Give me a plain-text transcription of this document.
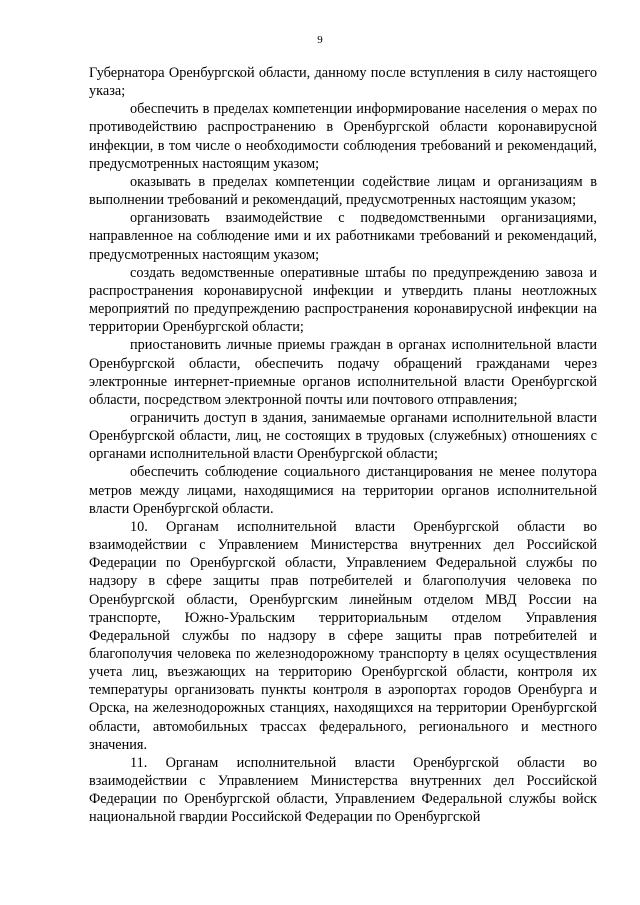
9

Губернатора Оренбургской области, данному после вступления в силу настоящего указа;

обеспечить в пределах компетенции информирование населения о мерах по противодействию распространению в Оренбургской области коронавирусной инфекции, в том числе о необходимости соблюдения требований и рекомендаций, предусмотренных настоящим указом;

оказывать в пределах компетенции содействие лицам и организациям в выполнении требований и рекомендаций, предусмотренных настоящим указом;

организовать взаимодействие с подведомственными организациями, направленное на соблюдение ими и их работниками требований и рекомендаций, предусмотренных настоящим указом;

создать ведомственные оперативные штабы по предупреждению завоза и распространения коронавирусной инфекции и утвердить планы неотложных мероприятий по предупреждению распространения коронавирусной инфекции на территории Оренбургской области;

приостановить личные приемы граждан в органах исполнительной власти Оренбургской области, обеспечить подачу обращений гражданами через электронные интернет-приемные органов исполнительной власти Оренбургской области, посредством электронной почты или почтового отправления;

ограничить доступ в здания, занимаемые органами исполнительной власти Оренбургской области, лиц, не состоящих в трудовых (служебных) отношениях с органами исполнительной власти Оренбургской области;

обеспечить соблюдение социального дистанцирования не менее полутора метров между лицами, находящимися на территории органов исполнительной власти Оренбургской области.

10. Органам исполнительной власти Оренбургской области во взаимодействии с Управлением Министерства внутренних дел Российской Федерации по Оренбургской области, Управлением Федеральной службы по надзору в сфере защиты прав потребителей и благополучия человека по Оренбургской области, Оренбургским линейным отделом МВД России на транспорте, Южно-Уральским территориальным отделом Управления Федеральной службы по надзору в сфере защиты прав потребителей и благополучия человека по железнодорожному транспорту в целях осуществления учета лиц, въезжающих на территорию Оренбургской области, контроля их температуры организовать пункты контроля в аэропортах городов Оренбурга и Орска, на железнодорожных станциях, находящихся на территории Оренбургской области, автомобильных трассах федерального, регионального и местного значения.

11. Органам исполнительной власти Оренбургской области во взаимодействии с Управлением Министерства внутренних дел Российской Федерации по Оренбургской области, Управлением Федеральной службы войск национальной гвардии Российской Федерации по Оренбургской
